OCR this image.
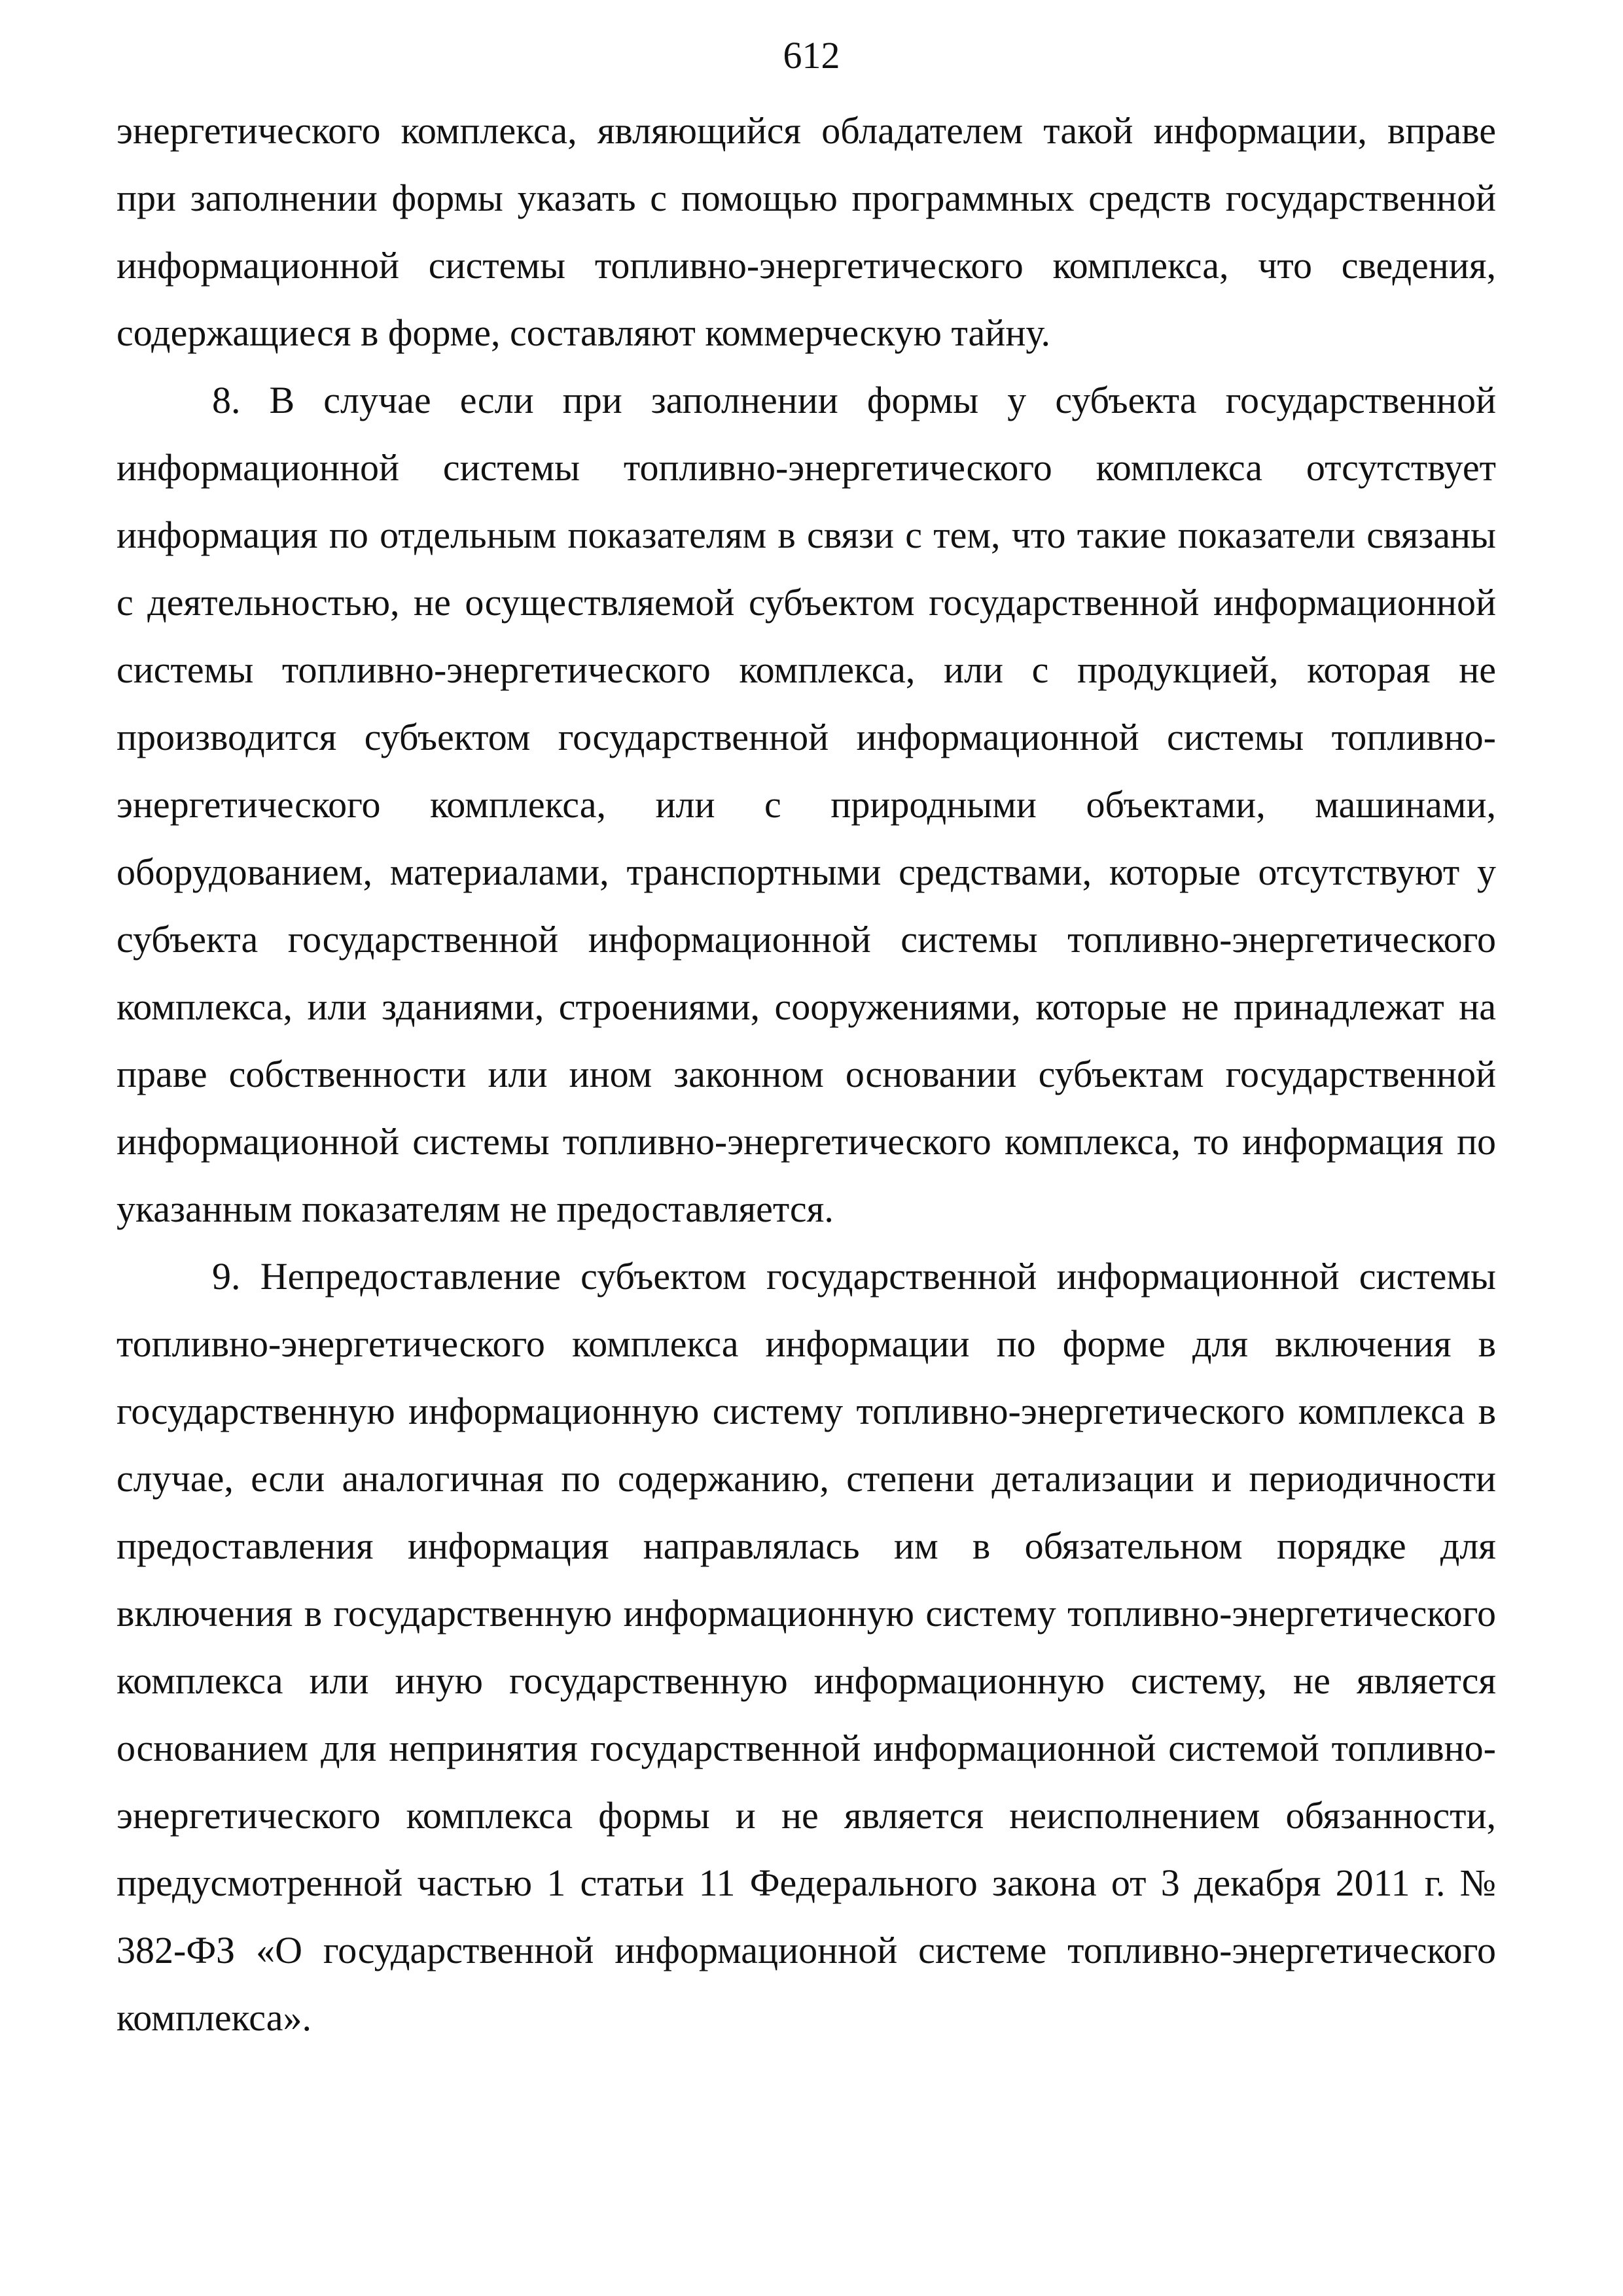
612

энергетического комплекса, являющийся обладателем такой информации, вправе при заполнении формы указать с помощью программных средств государственной информационной системы топливно-энергетического комплекса, что сведения, содержащиеся в форме, составляют коммерческую тайну.

8. В случае если при заполнении формы у субъекта государственной информационной системы топливно-энергетического комплекса отсутствует информация по отдельным показателям в связи с тем, что такие показатели связаны с деятельностью, не осуществляемой субъектом государственной информационной системы топливно-энергетического комплекса, или с продукцией, которая не производится субъектом государственной информационной системы топливно-энергетического комплекса, или с природными объектами, машинами, оборудованием, материалами, транспортными средствами, которые отсутствуют у субъекта государственной информационной системы топливно-энергетического комплекса, или зданиями, строениями, сооружениями, которые не принадлежат на праве собственности или ином законном основании субъектам государственной информационной системы топливно-энергетического комплекса, то информация по указанным показателям не предоставляется.

9. Непредоставление субъектом государственной информационной системы топливно-энергетического комплекса информации по форме для включения в государственную информационную систему топливно-энергетического комплекса в случае, если аналогичная по содержанию, степени детализации и периодичности предоставления информация направлялась им в обязательном порядке для включения в государственную информационную систему топливно-энергетического комплекса или иную государственную информационную систему, не является основанием для непринятия государственной информационной системой топливно-энергетического комплекса формы и не является неисполнением обязанности, предусмотренной частью 1 статьи 11 Федерального закона от 3 декабря 2011 г. № 382-ФЗ «О государственной информационной системе топливно-энергетического комплекса».
